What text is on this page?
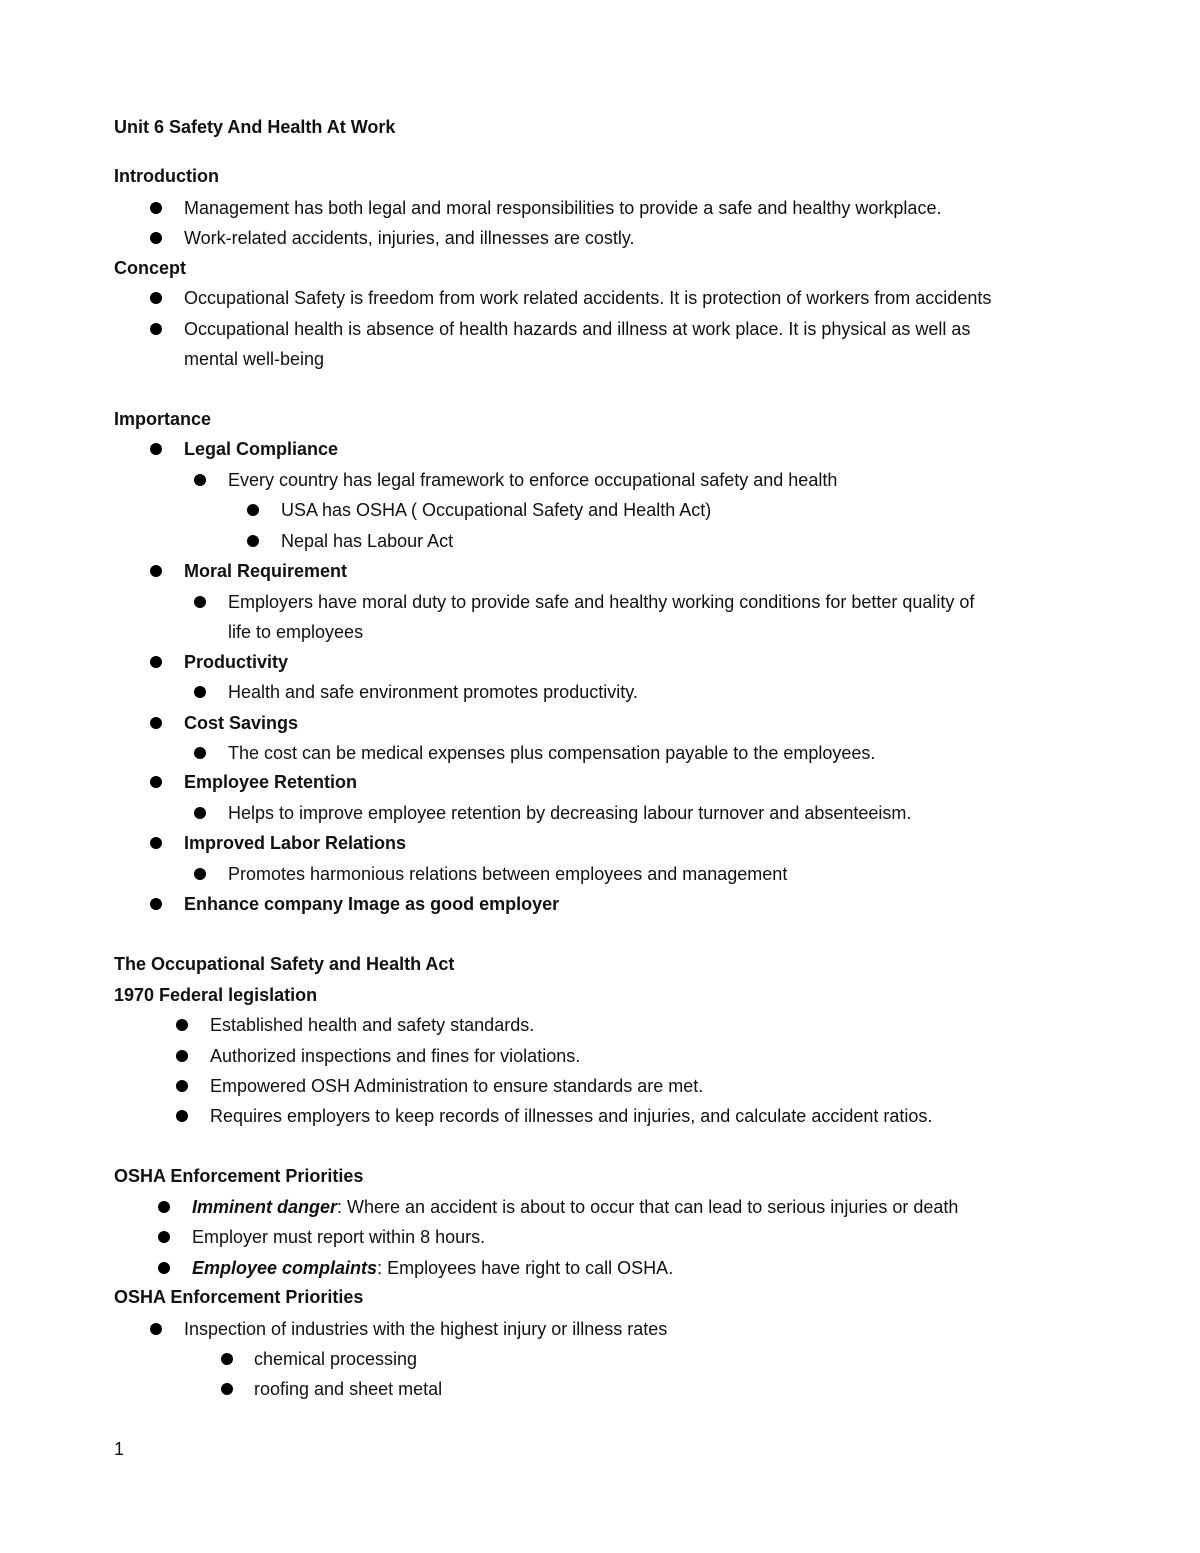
Unit 6 Safety And Health At Work
Introduction
Management has both legal and moral responsibilities to provide a safe and healthy workplace.
Work-related accidents, injuries, and illnesses are costly.
Concept
Occupational Safety is freedom from work related accidents. It is protection of workers from accidents
Occupational health is absence of health hazards and illness at work place. It is physical as well as
mental well-being
Importance
Legal Compliance
Every country has legal framework to enforce occupational safety and health
USA has OSHA ( Occupational Safety and Health Act)
Nepal has Labour Act
Moral Requirement
Employers have moral duty to provide safe and healthy working conditions for better quality of
life to employees
Productivity
Health and safe environment promotes productivity.
Cost Savings
The cost can be medical expenses plus compensation payable to the employees.
Employee Retention
Helps to improve employee retention by decreasing labour turnover and absenteeism.
Improved Labor Relations
Promotes harmonious relations between employees and management
Enhance company Image as good employer
The Occupational Safety and Health Act
1970 Federal legislation
Established health and safety standards.
Authorized inspections and fines for violations.
Empowered OSH Administration to ensure standards are met.
Requires employers to keep records of illnesses and injuries, and calculate accident ratios.
OSHA Enforcement Priorities
Imminent danger: Where an accident is about to occur that can lead to serious injuries or death
Employer must report within 8 hours.
Employee complaints: Employees have right to call OSHA.
OSHA Enforcement Priorities
Inspection of industries with the highest injury or illness rates
chemical processing
roofing and sheet metal
1
